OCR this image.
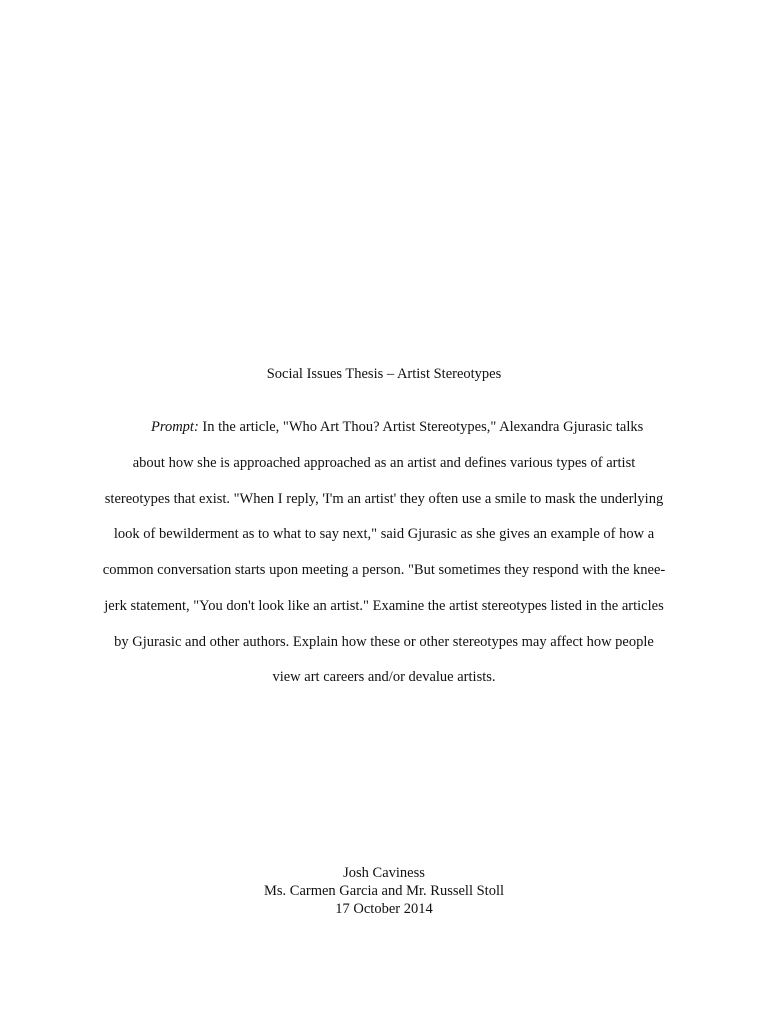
Social Issues Thesis – Artist Stereotypes
Prompt: In the article, "Who Art Thou? Artist Stereotypes," Alexandra Gjurasic talks
about how she is approached approached as an artist and defines various types of artist
stereotypes that exist. "When I reply, 'I'm an artist' they often use a smile to mask the underlying
look of bewilderment as to what to say next," said Gjurasic as she gives an example of how a
common conversation starts upon meeting a person. "But sometimes they respond with the knee-
jerk statement, "You don't look like an artist." Examine the artist stereotypes listed in the articles
by Gjurasic and other authors. Explain how these or other stereotypes may affect how people
view art careers and/or devalue artists.
Josh Caviness
Ms. Carmen Garcia and Mr. Russell Stoll
17 October 2014
